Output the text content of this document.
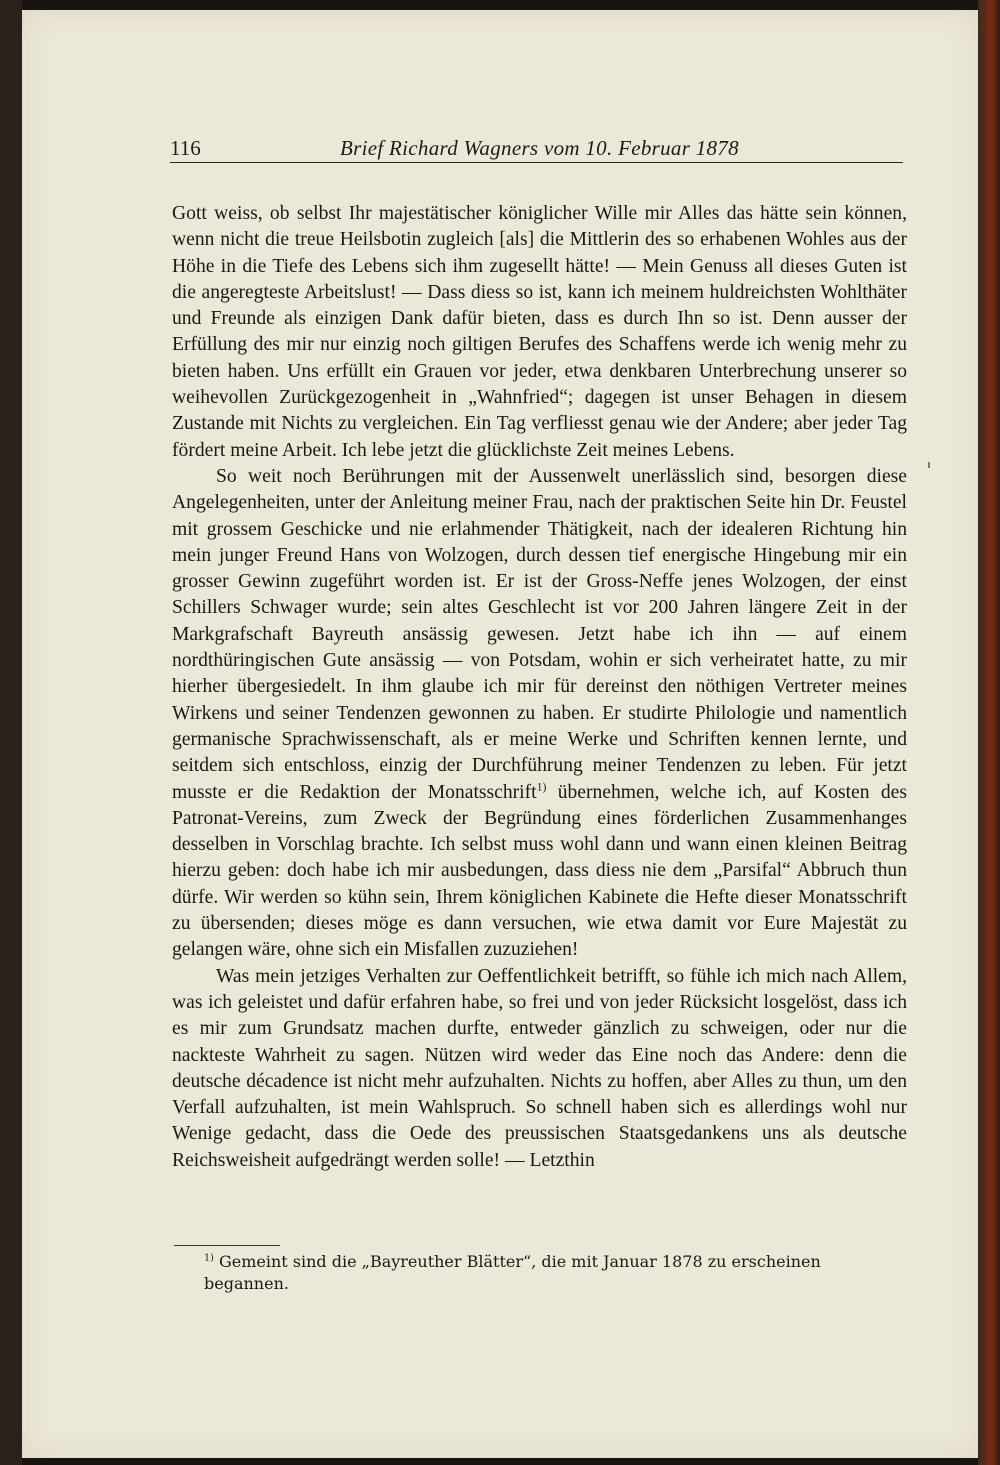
116	Brief Richard Wagners vom 10. Februar 1878

Gott weiss, ob selbst Ihr majestätischer königlicher Wille mir Alles das hätte sein können, wenn nicht die treue Heilsbotin zugleich [als] die Mittlerin des so erhabenen Wohles aus der Höhe in die Tiefe des Lebens sich ihm zugesellt hätte! — Mein Genuss all dieses Guten ist die angeregteste Arbeitslust! — Dass diess so ist, kann ich meinem huldreichsten Wohlthäter und Freunde als einzigen Dank dafür bieten, dass es durch Ihn so ist. Denn ausser der Erfüllung des mir nur einzig noch giltigen Berufes des Schaffens werde ich wenig mehr zu bieten haben. Uns erfüllt ein Grauen vor jeder, etwa denkbaren Unterbrechung unserer so weihevollen Zurückgezogenheit in „Wahnfried“; dagegen ist unser Behagen in diesem Zustande mit Nichts zu vergleichen. Ein Tag verfliesst genau wie der Andere; aber jeder Tag fördert meine Arbeit. Ich lebe jetzt die glücklichste Zeit meines Lebens.

So weit noch Berührungen mit der Aussenwelt unerlässlich sind, besorgen diese Angelegenheiten, unter der Anleitung meiner Frau, nach der praktischen Seite hin Dr. Feustel mit grossem Geschicke und nie erlahmender Thätigkeit, nach der idealeren Richtung hin mein junger Freund Hans von Wolzogen, durch dessen tief energische Hingebung mir ein grosser Gewinn zugeführt worden ist. Er ist der Gross-Neffe jenes Wolzogen, der einst Schillers Schwager wurde; sein altes Geschlecht ist vor 200 Jahren längere Zeit in der Markgrafschaft Bayreuth ansässig gewesen. Jetzt habe ich ihn — auf einem nordthüringischen Gute ansässig — von Potsdam, wohin er sich verheiratet hatte, zu mir hierher übergesiedelt. In ihm glaube ich mir für dereinst den nöthigen Vertreter meines Wirkens und seiner Tendenzen gewonnen zu haben. Er studirte Philologie und namentlich germanische Sprachwissenschaft, als er meine Werke und Schriften kennen lernte, und seitdem sich entschloss, einzig der Durchführung meiner Tendenzen zu leben. Für jetzt musste er die Redaktion der Monatsschrift$^{1)}$ übernehmen, welche ich, auf Kosten des Patronat-Vereins, zum Zweck der Begründung eines förderlichen Zusammenhanges desselben in Vorschlag brachte. Ich selbst muss wohl dann und wann einen kleinen Beitrag hierzu geben: doch habe ich mir ausbedungen, dass diess nie dem „Parsifal“ Abbruch thun dürfe. Wir werden so kühn sein, Ihrem königlichen Kabinete die Hefte dieser Monatsschrift zu übersenden; dieses möge es dann versuchen, wie etwa damit vor Eure Majestät zu gelangen wäre, ohne sich ein Misfallen zuzuziehen!

Was mein jetziges Verhalten zur Oeffentlichkeit betrifft, so fühle ich mich nach Allem, was ich geleistet und dafür erfahren habe, so frei und von jeder Rücksicht losgelöst, dass ich es mir zum Grundsatz machen durfte, entweder gänzlich zu schweigen, oder nur die nackteste Wahrheit zu sagen. Nützen wird weder das Eine noch das Andere: denn die deutsche décadence ist nicht mehr aufzuhalten. Nichts zu hoffen, aber Alles zu thun, um den Verfall aufzuhalten, ist mein Wahlspruch. So schnell haben sich es allerdings wohl nur Wenige gedacht, dass die Oede des preussischen Staatsgedankens uns als deutsche Reichsweisheit aufgedrängt werden solle! — Letzthin

$^{1)}$ Gemeint sind die „Bayreuther Blätter“, die mit Januar 1878 zu erscheinen begannen.
